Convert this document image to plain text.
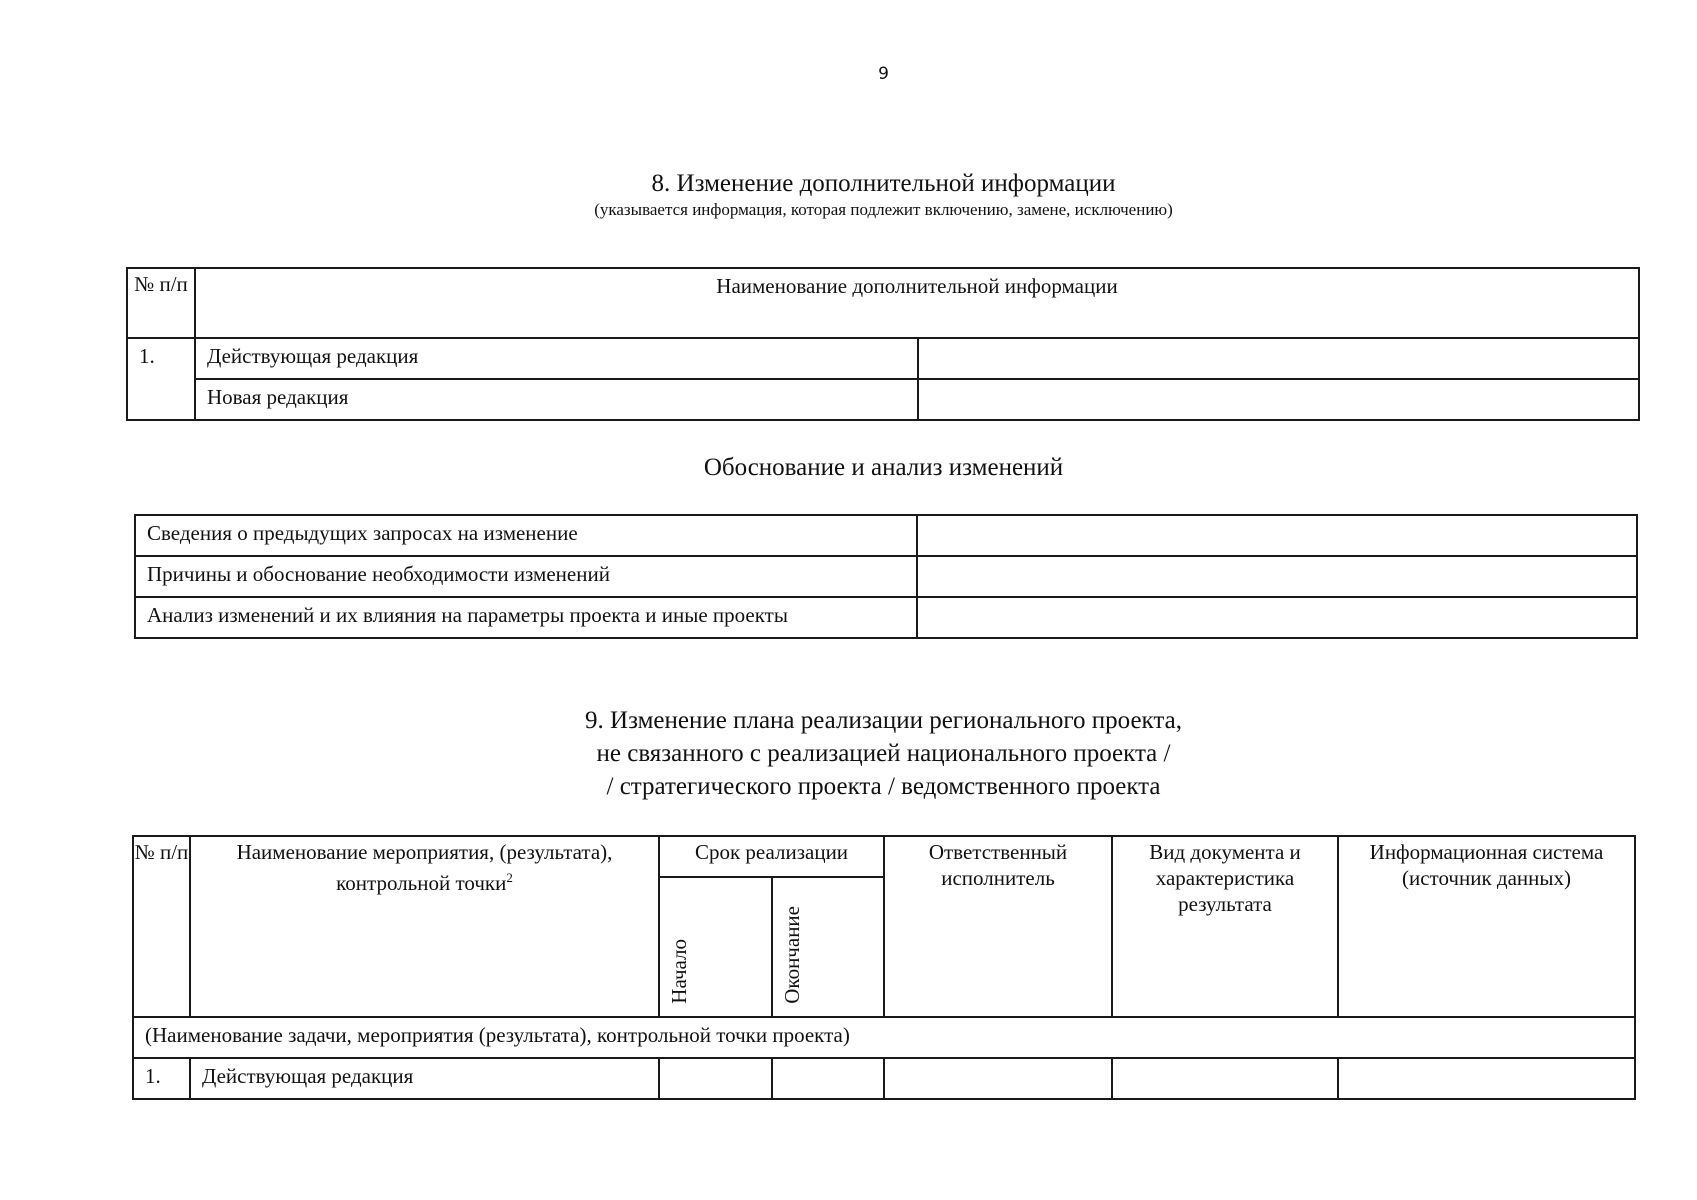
9
8. Изменение дополнительной информации
(указывается информация, которая подлежит включению, замене, исключению)
№ п/п	Наименование дополнительной информации	
1.	Действующая редакция	
	Новая редакция	
Обоснование и анализ изменений
Сведения о предыдущих запросах на изменение	
Причины и обоснование необходимости изменений	
Анализ изменений и их влияния на параметры проекта и иные проекты	
9. Изменение плана реализации регионального проекта,
не связанного с реализацией национального проекта /
/ стратегического проекта / ведомственного проекта
№ п/п	Наименование мероприятия, (результата), контрольной точки$^2$	Срок реализации		Ответственный исполнитель	Вид документа и характеристика результата	Информационная система (источник данных)
		Начало	Окончание			
(Наименование задачи, мероприятия (результата), контрольной точки проекта)						
1.	Действующая редакция					
